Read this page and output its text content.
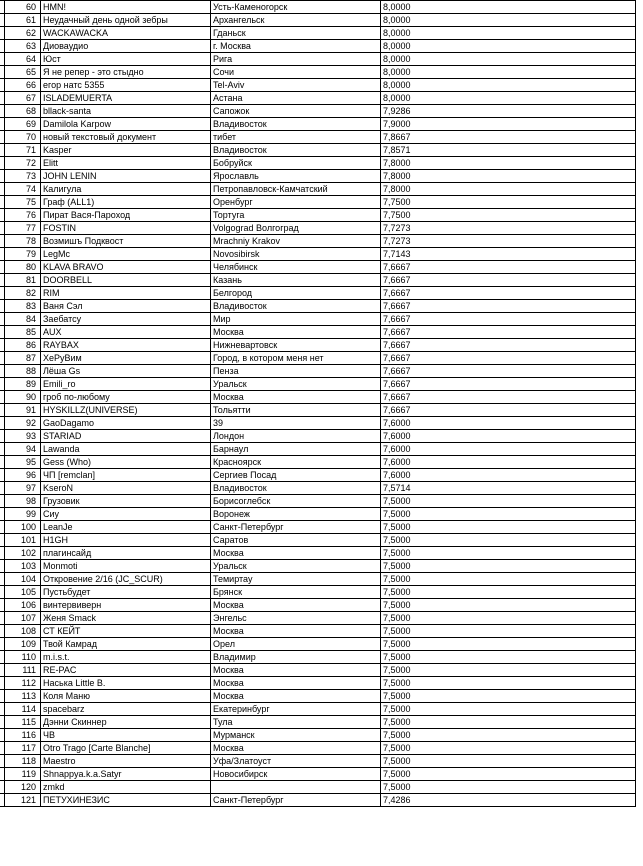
	60	HMN!	Усть-Каменогорск	8,0000
	61	Неудачный день одной зебры	Архангельск	8,0000
	62	WACKAWACKA	Гданьск	8,0000
	63	Диоваудио	г. Москва	8,0000
	64	Юст	Рига	8,0000
	65	Я не репер - это стыдно	Сочи	8,0000
	66	егор натс 5355	Tel-Aviv	8,0000
	67	ISLADEMUERTA	Астана	8,0000
	68	bllack-santa	Сапожок	7,9286
	69	Damilola Karpow	Владивосток	7,9000
	70	новый текстовый документ	тибет	7,8667
	71	Kasper	Владивосток	7,8571
	72	Elitt	Бобруйск	7,8000
	73	JOHN LENIN	Ярославль	7,8000
	74	Калигула	Петропавловск-Камчатский	7,8000
	75	Граф (ALL1)	Оренбург	7,7500
	76	Пират Вася-Пароход	Тортуга	7,7500
	77	FOSTIN	Volgograd Волгоград	7,7273
	78	Возмишъ Подквост	Mrachniy Krakov	7,7273
	79	LegMc	Novosibirsk	7,7143
	80	KLAVA BRAVO	Челябинск	7,6667
	81	DOORBELL	Казань	7,6667
	82	RIM	Белгород	7,6667
	83	Ваня Сэл	Владивосток	7,6667
	84	Заебатсу	Мир	7,6667
	85	AUX	Москва	7,6667
	86	RAYBAX	Нижневартовск	7,6667
	87	ХеРуВим	Город, в котором меня нет	7,6667
	88	Лёша Gs	Пенза	7,6667
	89	Emili_ro	Уральск	7,6667
	90	гроб по-любому	Москва	7,6667
	91	HYSKILLZ(UNIVERSE)	Тольятти	7,6667
	92	GaoDagamo	39	7,6000
	93	STARIAD	Лондон	7,6000
	94	Lawanda	Барнаул	7,6000
	95	Gess (Who)	Красноярск	7,6000
	96	ЧП [remclan]	Сергиев Посад	7,6000
	97	KseroN	Владивосток	7,5714
	98	Грузовик	Борисоглебск	7,5000
	99	Сиу	Воронеж	7,5000
	100	LeanJe	Санкт-Петербург	7,5000
	101	H1GH	Саратов	7,5000
	102	плагинсайд	Москва	7,5000
	103	Monmoti	Уральск	7,5000
	104	Откровение 2/16 (JC_SCUR)	Темиртау	7,5000
	105	Пустьбудет	Брянск	7,5000
	106	винтервиверн	Москва	7,5000
	107	Женя Smack	Энгельс	7,5000
	108	СТ КЕЙТ	Москва	7,5000
	109	Твой Камрад	Орел	7,5000
	110	m.i.s.t.	Владимир	7,5000
	111	RE-PAC	Москва	7,5000
	112	Наська Little B.	Москва	7,5000
	113	Коля Маню	Москва	7,5000
	114	spacebarz	Екатеринбург	7,5000
	115	Дэнни Скиннер	Тула	7,5000
	116	ЧВ	Мурманск	7,5000
	117	Otro Trago [Carte Blanche]	Москва	7,5000
	118	Maestro	Уфа/Златоуст	7,5000
	119	Shnappya.k.a.Satyr	Новосибирск	7,5000
	120	zmkd		7,5000
	121	ПЕТУХИНЕЗИС	Санкт-Петербург	7,4286
